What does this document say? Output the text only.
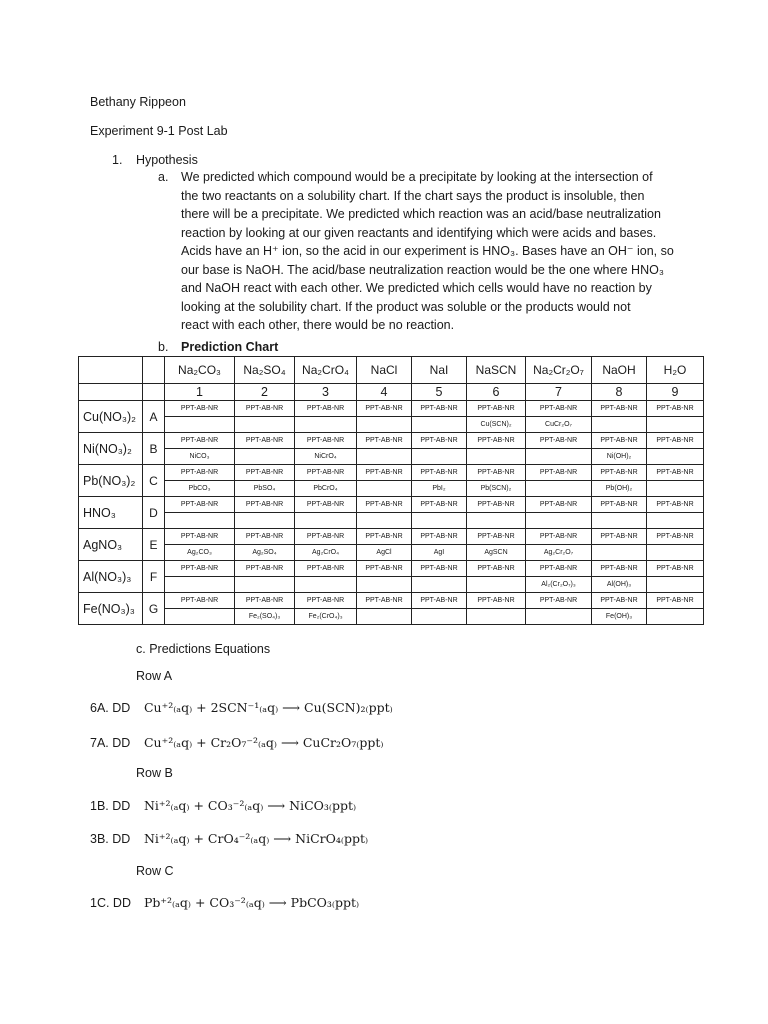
Bethany Rippeon
Experiment 9-1 Post Lab
1. Hypothesis
a. We predicted which compound would be a precipitate by looking at the intersection of
the two reactants on a solubility chart. If the chart says the product is insoluble, then
there will be a precipitate. We predicted which reaction was an acid/base neutralization
reaction by looking at our given reactants and identifying which were acids and bases.
Acids have an H⁺ ion, so the acid in our experiment is HNO₃. Bases have an OH⁻ ion, so
our base is NaOH. The acid/base neutralization reaction would be the one where HNO₃
and NaOH react with each other. We predicted which cells would have no reaction by
looking at the solubility chart. If the product was soluble or the products would not
react with each other, there would be no reaction.
b. Prediction Chart
		Na₂CO₃	Na₂SO₄	Na₂CrO₄	NaCl	NaI	NaSCN	Na₂Cr₂O₇	NaOH	H₂O
		1	2	3	4	5	6	7	8	9
Cu(NO₃)₂	A	PPT-AB-NR	PPT-AB-NR	PPT-AB-NR	PPT-AB-NR	PPT-AB-NR	PPT-AB-NR	PPT-AB-NR	PPT-AB-NR	PPT-AB-NR
							Cu(SCN)₂	CuCr₂O₇		
Ni(NO₃)₂	B	PPT-AB-NR	PPT-AB-NR	PPT-AB-NR	PPT-AB-NR	PPT-AB-NR	PPT-AB-NR	PPT-AB-NR	PPT-AB-NR	PPT-AB-NR
		NiCO₃		NiCrO₄					Ni(OH)₂	
Pb(NO₃)₂	C	PPT-AB-NR	PPT-AB-NR	PPT-AB-NR	PPT-AB-NR	PPT-AB-NR	PPT-AB-NR	PPT-AB-NR	PPT-AB-NR	PPT-AB-NR
		PbCO₃	PbSO₄	PbCrO₄		PbI₂	Pb(SCN)₂		Pb(OH)₂	
HNO₃	D	PPT-AB-NR	PPT-AB-NR	PPT-AB-NR	PPT-AB-NR	PPT-AB-NR	PPT-AB-NR	PPT-AB-NR	PPT-AB-NR	PPT-AB-NR

AgNO₃	E	PPT-AB-NR	PPT-AB-NR	PPT-AB-NR	PPT-AB-NR	PPT-AB-NR	PPT-AB-NR	PPT-AB-NR	PPT-AB-NR	PPT-AB-NR
		Ag₂CO₃	Ag₂SO₄	Ag₂CrO₄	AgCl	AgI	AgSCN	Ag₂Cr₂O₇		
Al(NO₃)₃	F	PPT-AB-NR	PPT-AB-NR	PPT-AB-NR	PPT-AB-NR	PPT-AB-NR	PPT-AB-NR	PPT-AB-NR	PPT-AB-NR	PPT-AB-NR
								Al₂(Cr₂O₇)₃	Al(OH)₃	
Fe(NO₃)₃	G	PPT-AB-NR	PPT-AB-NR	PPT-AB-NR	PPT-AB-NR	PPT-AB-NR	PPT-AB-NR	PPT-AB-NR	PPT-AB-NR	PPT-AB-NR
			Fe₂(SO₄)₃	Fe₂(CrO₄)₃					Fe(OH)₃	
c. Predictions Equations
Row A
6A. DD Cu⁺²₍ₐq₎ + 2SCN⁻¹₍ₐq₎ ⟶ Cu(SCN)₂₍ppt₎
7A. DD Cu⁺²₍ₐq₎ + Cr₂O₇⁻²₍ₐq₎ ⟶ CuCr₂O₇₍ppt₎
Row B
1B. DD Ni⁺²₍ₐq₎ + CO₃⁻²₍ₐq₎ ⟶ NiCO₃₍ppt₎
3B. DD Ni⁺²₍ₐq₎ + CrO₄⁻²₍ₐq₎ ⟶ NiCrO₄₍ppt₎
Row C
1C. DD Pb⁺²₍ₐq₎ + CO₃⁻²₍ₐq₎ ⟶ PbCO₃₍ppt₎
